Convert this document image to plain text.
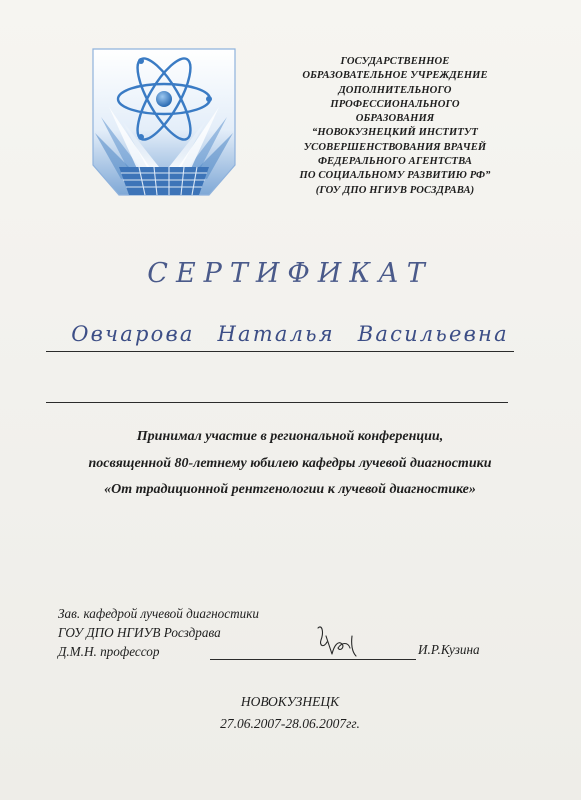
ГОСУДАРСТВЕННОЕ
ОБРАЗОВАТЕЛЬНОЕ УЧРЕЖДЕНИЕ
ДОПОЛНИТЕЛЬНОГО
ПРОФЕССИОНАЛЬНОГО
ОБРАЗОВАНИЯ
“НОВОКУЗНЕЦКИЙ ИНСТИТУТ
УСОВЕРШЕНСТВОВАНИЯ ВРАЧЕЙ
ФЕДЕРАЛЬНОГО АГЕНТСТВА
ПО СОЦИАЛЬНОМУ РАЗВИТИЮ РФ”
(ГОУ ДПО НГИУВ РОСЗДРАВА)
СЕРТИФИКАТ
Овчарова Наталья Васильевна
Принимал участие в региональной конференции,
посвященной 80-летнему юбилею кафедры лучевой диагностики
«От традиционной рентгенологии к лучевой диагностике»
Зав. кафедрой лучевой диагностики
ГОУ ДПО НГИУВ Росздрава
Д.М.Н. профессор	И.Р.Кузина
НОВОКУЗНЕЦК
27.06.2007-28.06.2007гг.
